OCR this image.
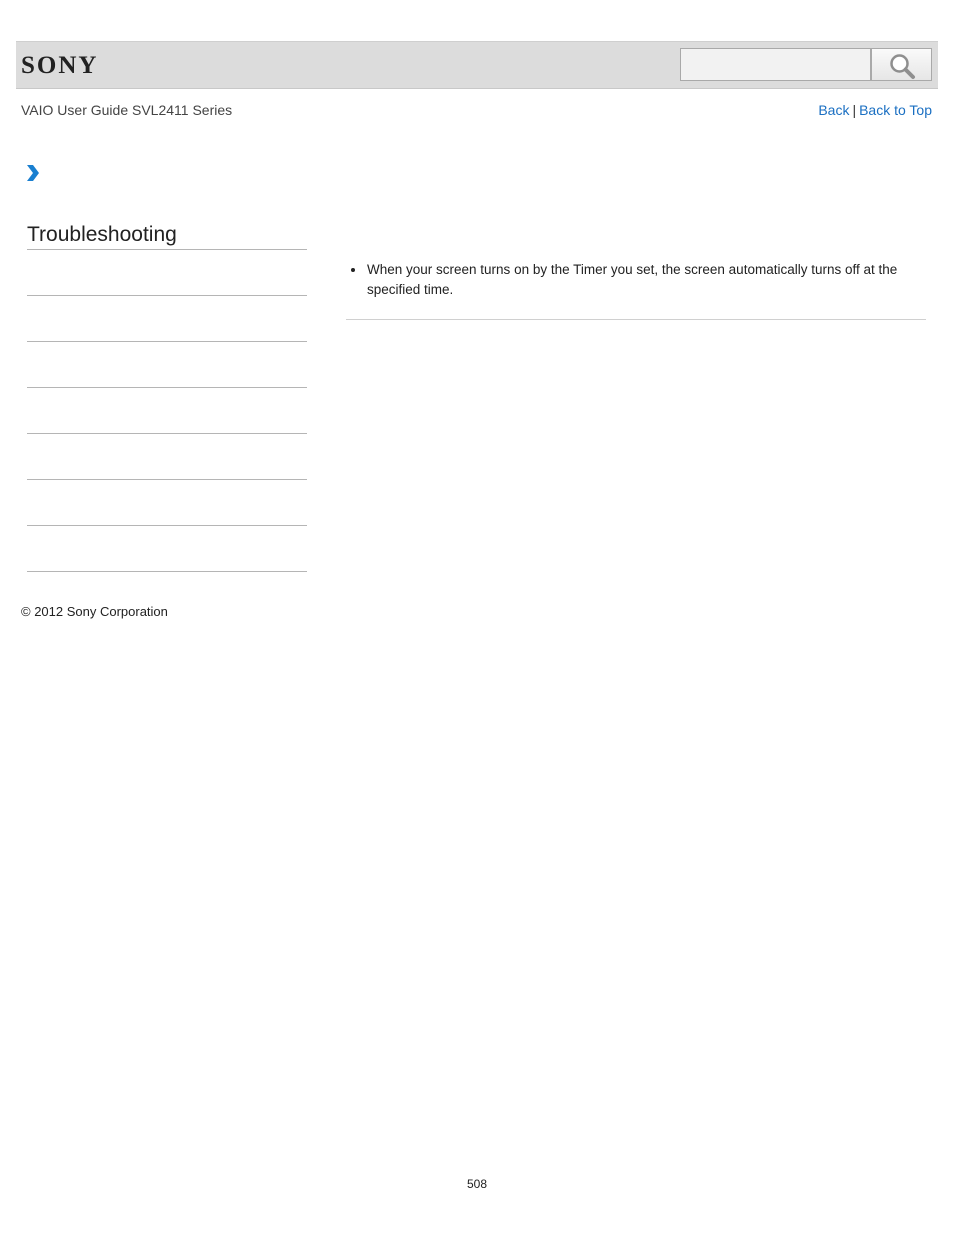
SONY
VAIO User Guide SVL2411 Series	Back | Back to Top
Troubleshooting
When your screen turns on by the Timer you set, the screen automatically turns off at the specified time.
© 2012 Sony Corporation
508
